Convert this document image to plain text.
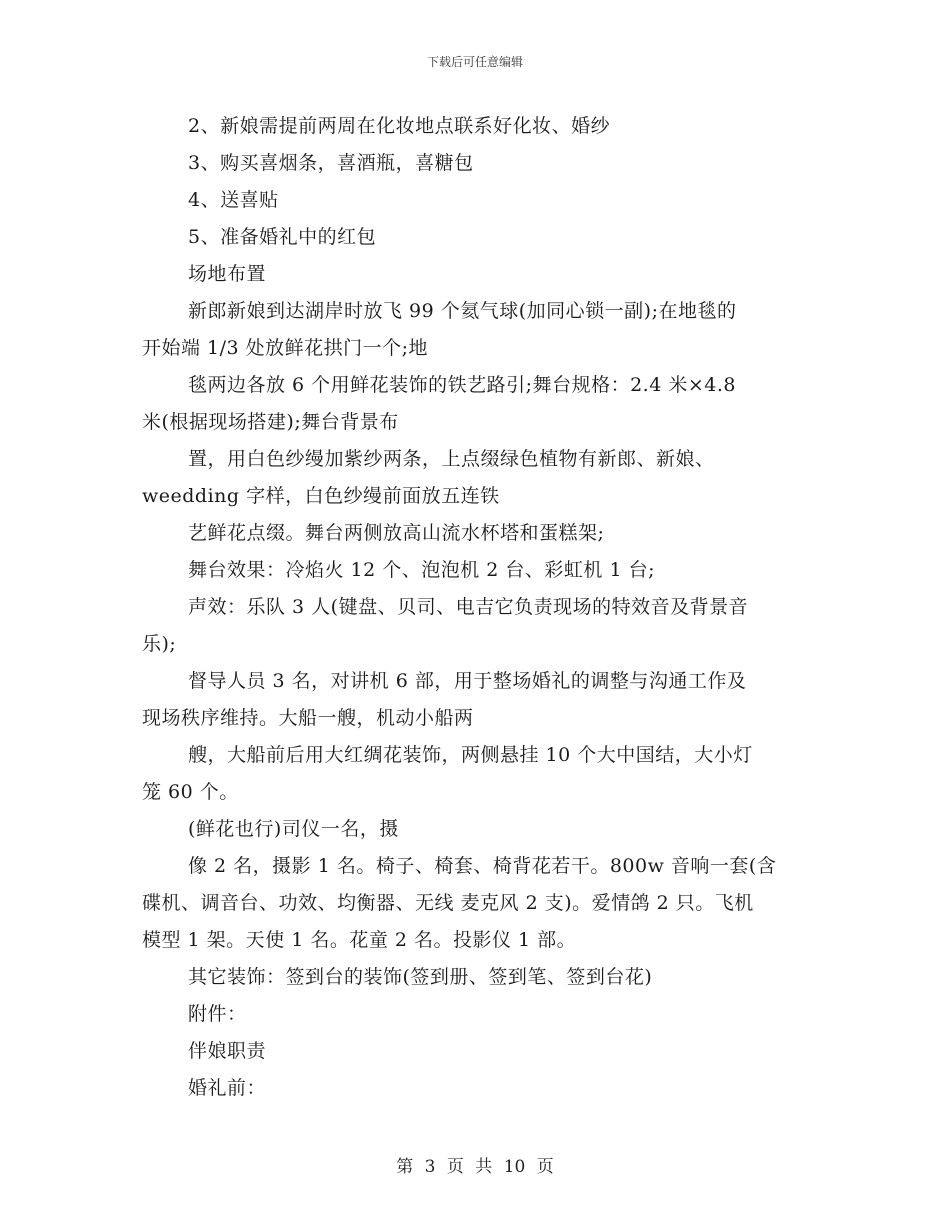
下载后可任意编辑
2、新娘需提前两周在化妆地点联系好化妆、婚纱
3、购买喜烟条，喜酒瓶，喜糖包
4、送喜贴
5、准备婚礼中的红包
场地布置
新郎新娘到达湖岸时放飞 99 个氦气球(加同心锁一副);在地毯的
开始端 1/3 处放鲜花拱门一个;地
毯两边各放 6 个用鲜花装饰的铁艺路引;舞台规格：2.4 米×4.8
米(根据现场搭建);舞台背景布
置，用白色纱缦加紫纱两条，上点缀绿色植物有新郎、新娘、
weedding 字样，白色纱缦前面放五连铁
艺鲜花点缀。舞台两侧放高山流水杯塔和蛋糕架;
舞台效果：冷焰火 12 个、泡泡机 2 台、彩虹机 1 台;
声效：乐队 3 人(键盘、贝司、电吉它负责现场的特效音及背景音
乐);
督导人员 3 名，对讲机 6 部，用于整场婚礼的调整与沟通工作及
现场秩序维持。大船一艘，机动小船两
艘，大船前后用大红绸花装饰，两侧悬挂 10 个大中国结，大小灯
笼 60 个。
(鲜花也行)司仪一名，摄
像 2 名，摄影 1 名。椅子、椅套、椅背花若干。800w 音响一套(含
碟机、调音台、功效、均衡器、无线 麦克风 2 支)。爱情鸽 2 只。飞机
模型 1 架。天使 1 名。花童 2 名。投影仪 1 部。
其它装饰：签到台的装饰(签到册、签到笔、签到台花)
附件：
伴娘职责
婚礼前：
第 3 页 共 10 页
